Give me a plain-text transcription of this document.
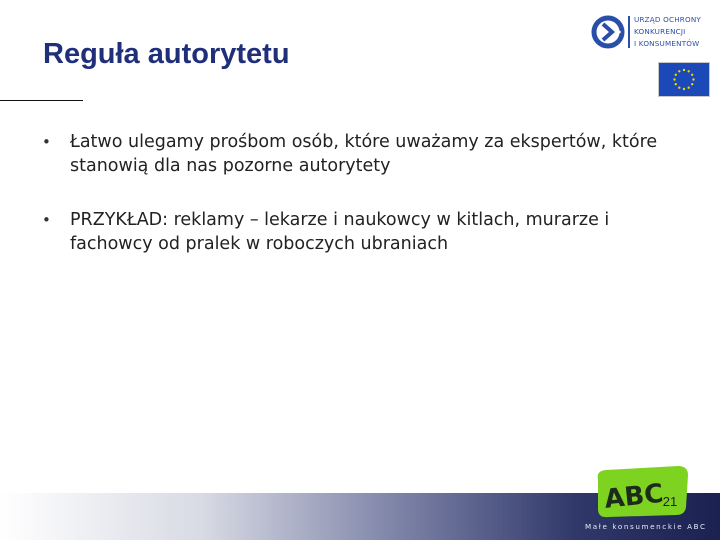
Reguła autorytetu
URZĄD OCHRONY
KONKURENCJI
I KONSUMENTÓW
• Łatwo ulegamy prośbom osób, które uważamy za ekspertów, które stanowią dla nas pozorne autorytety
• PRZYKŁAD: reklamy – lekarze i naukowcy w kitlach, murarze i fachowcy od pralek w roboczych ubraniach
ABC
21
Małe konsumenckie ABC
